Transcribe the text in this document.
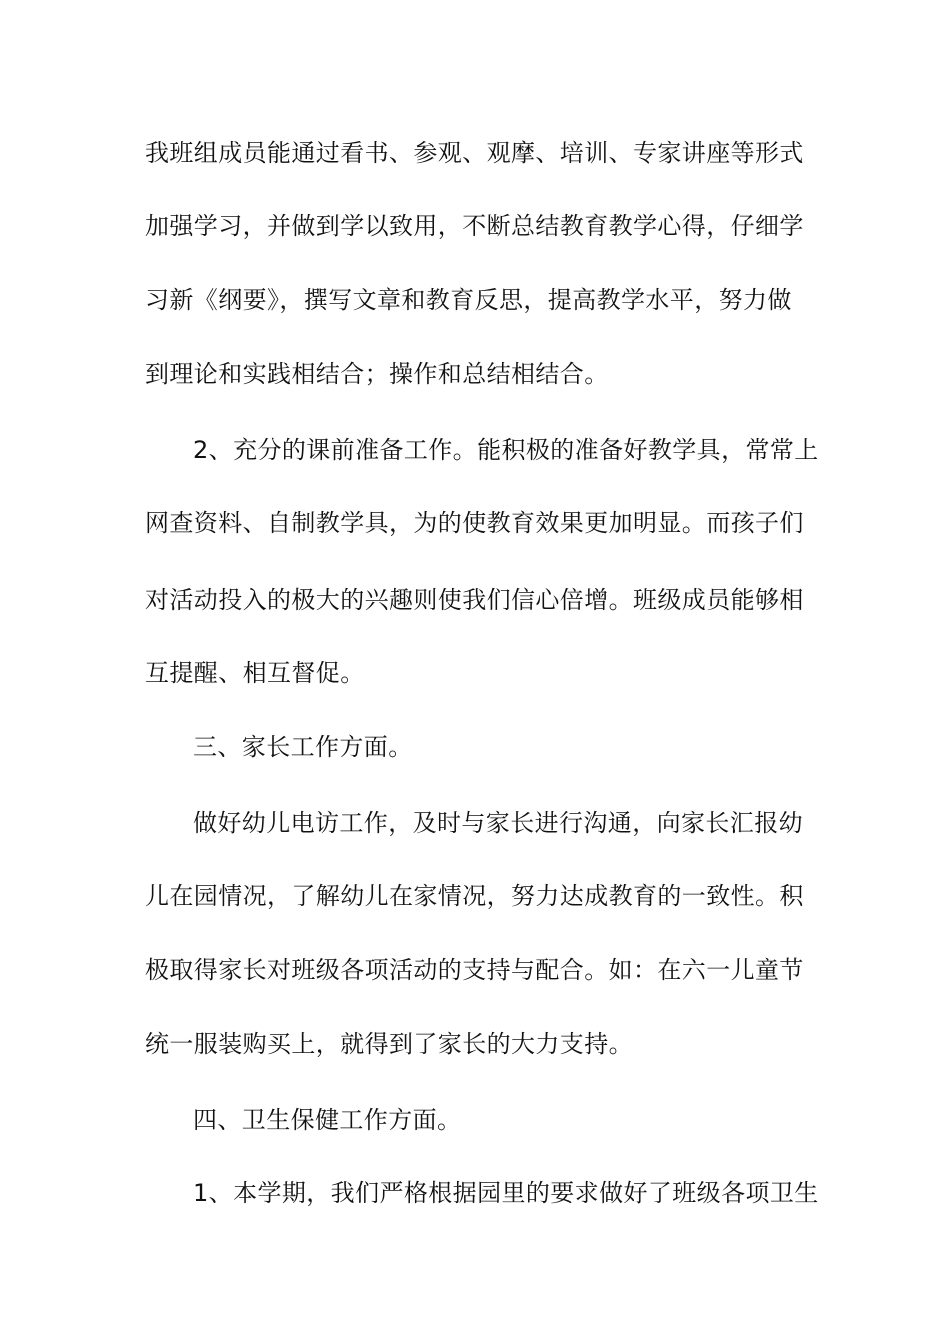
我班组成员能通过看书、参观、观摩、培训、专家讲座等形式
加强学习，并做到学以致用，不断总结教育教学心得，仔细学
习新《纲要》，撰写文章和教育反思，提高教学水平，努力做
到理论和实践相结合；操作和总结相结合。
2、充分的课前准备工作。能积极的准备好教学具，常常上
网查资料、自制教学具，为的使教育效果更加明显。而孩子们
对活动投入的极大的兴趣则使我们信心倍增。班级成员能够相
互提醒、相互督促。
三、家长工作方面。
做好幼儿电访工作，及时与家长进行沟通，向家长汇报幼
儿在园情况，了解幼儿在家情况，努力达成教育的一致性。积
极取得家长对班级各项活动的支持与配合。如：在六一儿童节
统一服装购买上，就得到了家长的大力支持。
四、卫生保健工作方面。
1、本学期，我们严格根据园里的要求做好了班级各项卫生
